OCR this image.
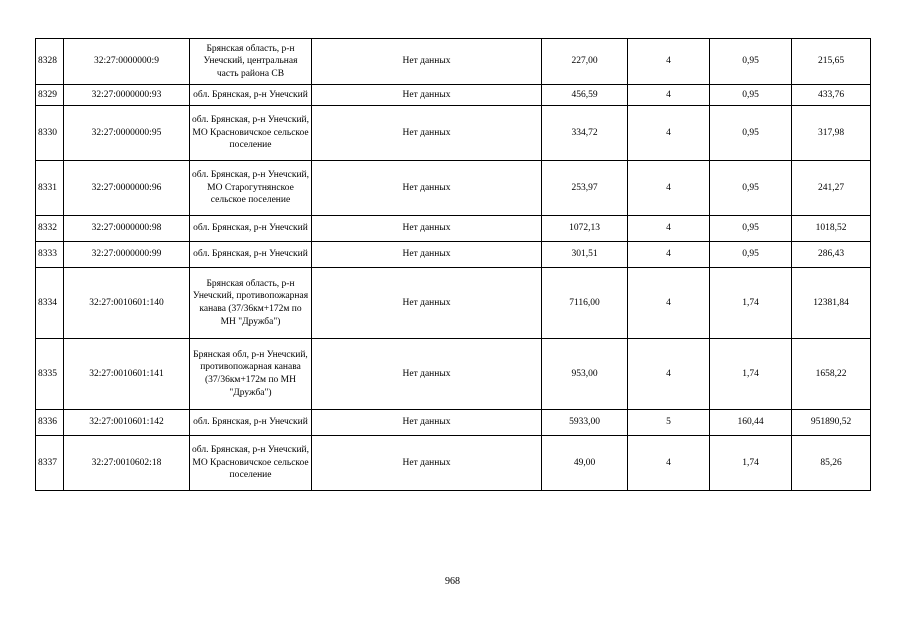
8328	32:27:0000000:9	Брянская область, р-н Унечский, центральная часть района СВ	Нет данных	227,00	4	0,95	215,65
8329	32:27:0000000:93	обл. Брянская, р-н Унечский	Нет данных	456,59	4	0,95	433,76
8330	32:27:0000000:95	обл. Брянская, р-н Унечский, МО Красновичское сельское поселение	Нет данных	334,72	4	0,95	317,98
8331	32:27:0000000:96	обл. Брянская, р-н Унечский, МО Старогутнянское сельское поселение	Нет данных	253,97	4	0,95	241,27
8332	32:27:0000000:98	обл. Брянская, р-н Унечский	Нет данных	1072,13	4	0,95	1018,52
8333	32:27:0000000:99	обл. Брянская, р-н Унечский	Нет данных	301,51	4	0,95	286,43
8334	32:27:0010601:140	Брянская область, р-н Унечский, противопожарная канава (37/36км+172м по МН "Дружба")	Нет данных	7116,00	4	1,74	12381,84
8335	32:27:0010601:141	Брянская обл, р-н Унечский, противопожарная канава (37/36км+172м по МН "Дружба")	Нет данных	953,00	4	1,74	1658,22
8336	32:27:0010601:142	обл. Брянская, р-н Унечский	Нет данных	5933,00	5	160,44	951890,52
8337	32:27:0010602:18	обл. Брянская, р-н Унечский, МО Красновичское сельское поселение	Нет данных	49,00	4	1,74	85,26
968
